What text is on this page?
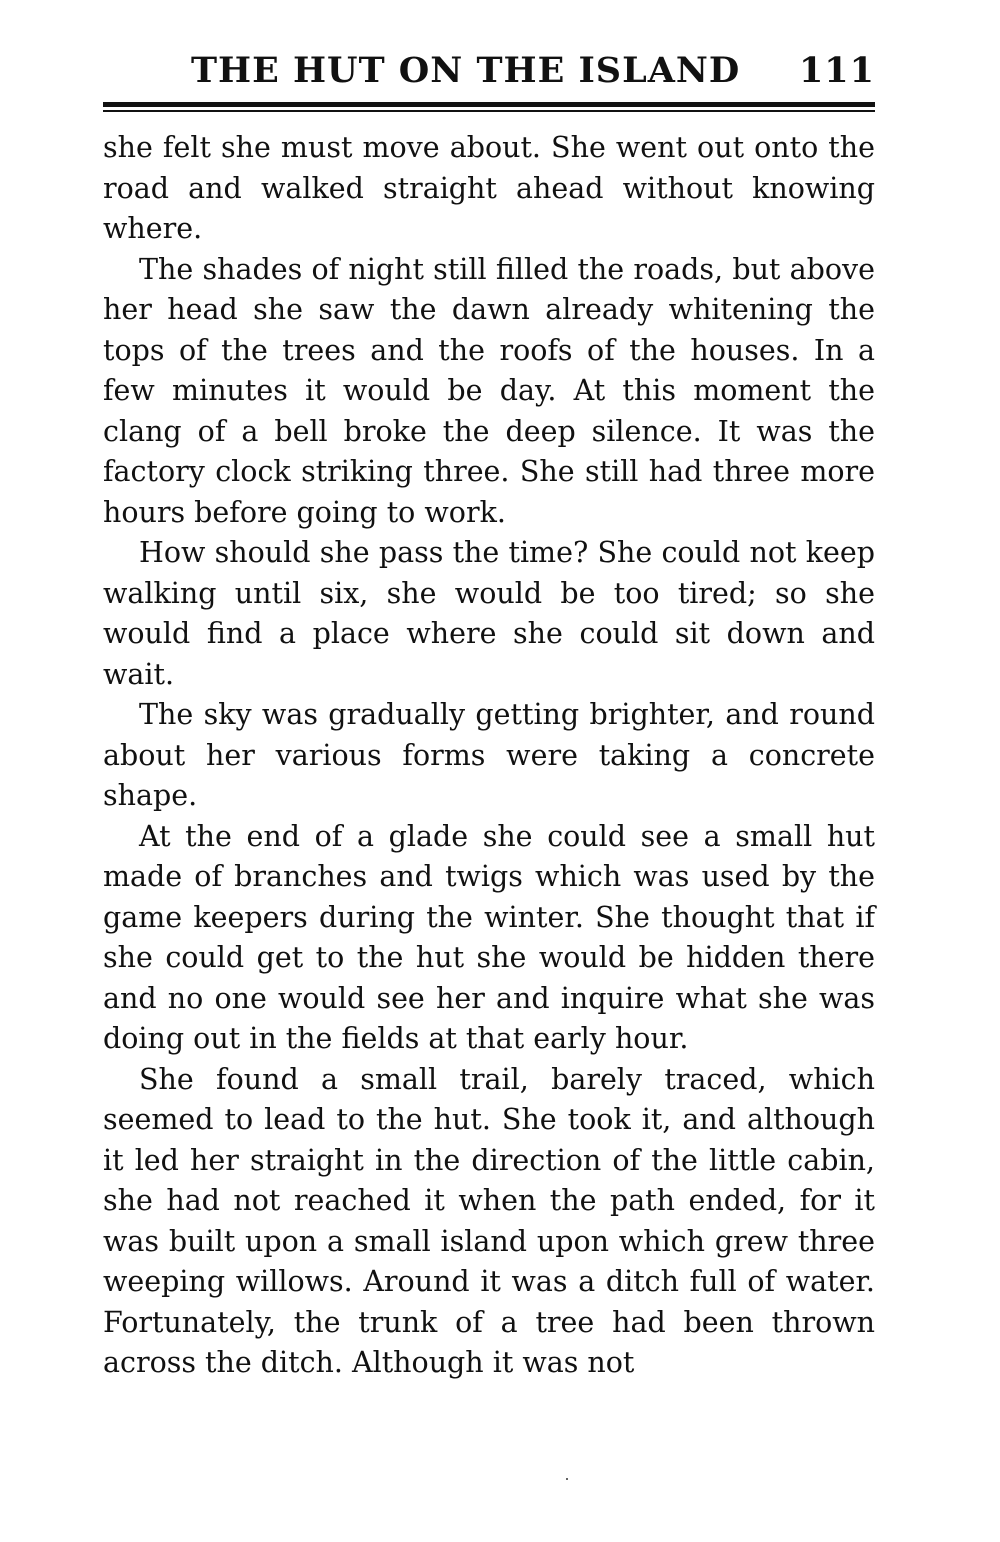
THE HUT ON THE ISLAND 111

she felt she must move about. She went out onto the road and walked straight ahead without knowing where.

The shades of night still filled the roads, but above her head she saw the dawn already whitening the tops of the trees and the roofs of the houses. In a few minutes it would be day. At this moment the clang of a bell broke the deep silence. It was the factory clock striking three. She still had three more hours before going to work.

How should she pass the time? She could not keep walking until six, she would be too tired; so she would find a place where she could sit down and wait.

The sky was gradually getting brighter, and round about her various forms were taking a concrete shape.

At the end of a glade she could see a small hut made of branches and twigs which was used by the game keepers during the winter. She thought that if she could get to the hut she would be hidden there and no one would see her and inquire what she was doing out in the fields at that early hour.

She found a small trail, barely traced, which seemed to lead to the hut. She took it, and although it led her straight in the direction of the little cabin, she had not reached it when the path ended, for it was built upon a small island upon which grew three weeping willows. Around it was a ditch full of water. Fortunately, the trunk of a tree had been thrown across the ditch. Although it was not
